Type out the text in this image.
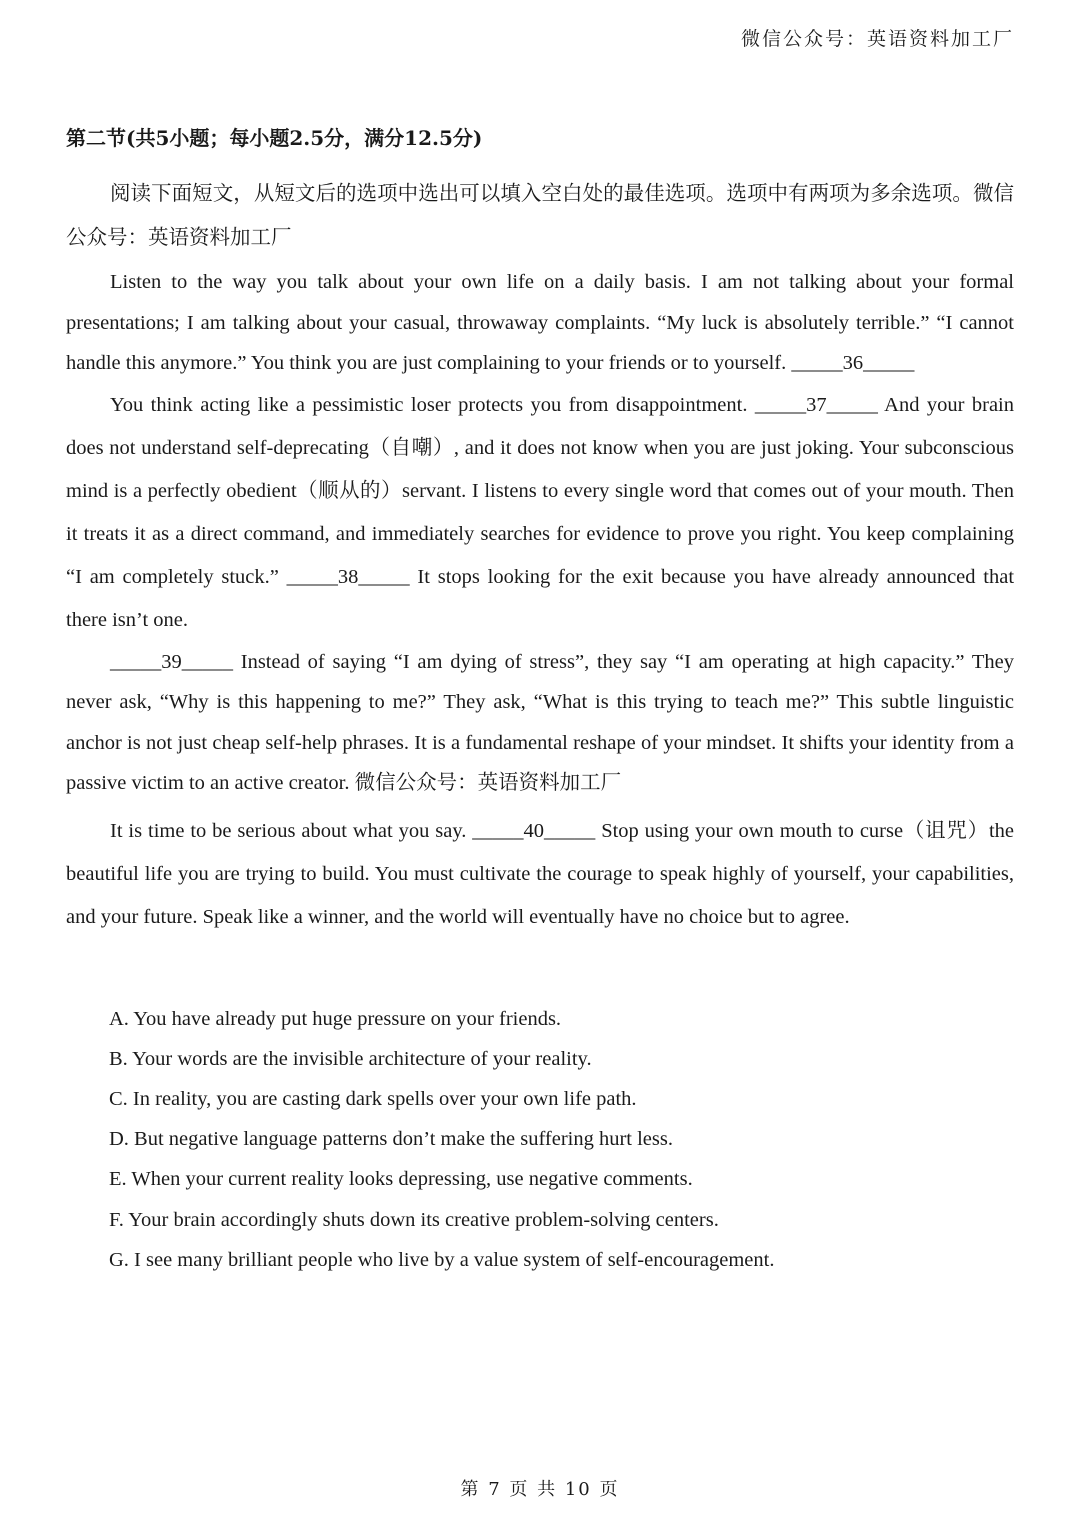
微信公众号：英语资料加工厂

第二节(共5小题；每小题2.5分，满分12.5分)

阅读下面短文，从短文后的选项中选出可以填入空白处的最佳选项。选项中有两项为多余选项。微信公众号：英语资料加工厂

Listen to the way you talk about your own life on a daily basis. I am not talking about your formal presentations; I am talking about your casual, throwaway complaints. “My luck is absolutely terrible.” “I cannot handle this anymore.” You think you are just complaining to your friends or to yourself. _____36_____

You think acting like a pessimistic loser protects you from disappointment. _____37_____ And your brain does not understand self-deprecating（自嘲）, and it does not know when you are just joking. Your subconscious mind is a perfectly obedient（顺从的）servant. I listens to every single word that comes out of your mouth. Then it treats it as a direct command, and immediately searches for evidence to prove you right. You keep complaining “I am completely stuck.” _____38_____ It stops looking for the exit because you have already announced that there isn’t one.

_____39_____ Instead of saying “I am dying of stress”, they say “I am operating at high capacity.” They never ask, “Why is this happening to me?” They ask, “What is this trying to teach me?” This subtle linguistic anchor is not just cheap self-help phrases. It is a fundamental reshape of your mindset. It shifts your identity from a passive victim to an active creator. 微信公众号：英语资料加工厂

It is time to be serious about what you say. _____40_____ Stop using your own mouth to curse（诅咒）the beautiful life you are trying to build. You must cultivate the courage to speak highly of yourself, your capabilities, and your future. Speak like a winner, and the world will eventually have no choice but to agree.

A. You have already put huge pressure on your friends.

B. Your words are the invisible architecture of your reality.

C. In reality, you are casting dark spells over your own life path.

D. But negative language patterns don’t make the suffering hurt less.

E. When your current reality looks depressing, use negative comments.

F. Your brain accordingly shuts down its creative problem-solving centers.

G. I see many brilliant people who live by a value system of self-encouragement.

第 7 页 共 10 页
